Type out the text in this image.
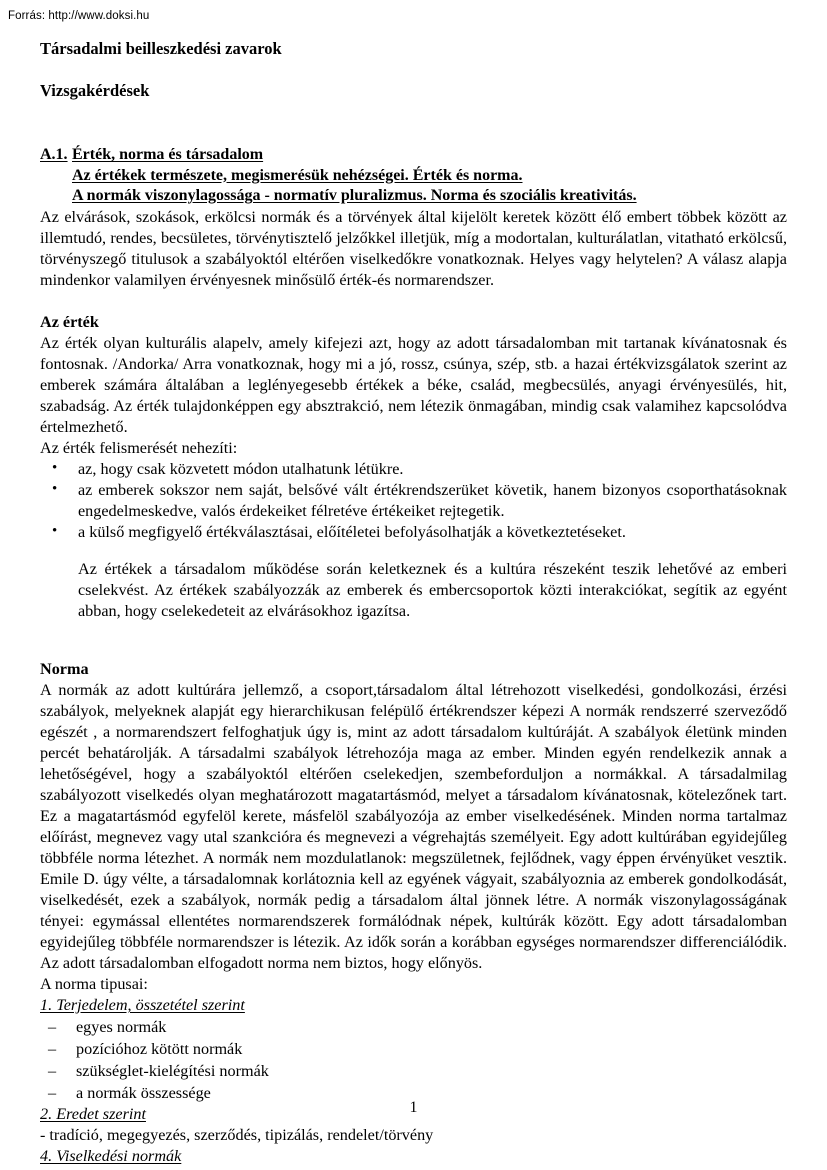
Forrás: http://www.doksi.hu
Társadalmi beilleszkedési zavarok
Vizsgakérdések
A.1.	Érték, norma és társadalom
	Az értékek természete, megismerésük nehézségei. Érték és norma.
	A normák viszonylagossága - normatív pluralizmus. Norma és szociális kreativitás.

Az elvárások, szokások, erkölcsi normák és a törvények által kijelölt keretek között élő embert többek között az illemtudó, rendes, becsületes, törvénytisztelő jelzőkkel illetjük, míg a modortalan, kulturálatlan, vitatható erkölcsű, törvényszegő titulusok a szabályoktól eltérően viselkedőkre vonatkoznak. Helyes vagy helytelen? A válasz alapja mindenkor valamilyen érvényesnek minősülő érték-és normarendszer.

Az érték

Az érték olyan kulturális alapelv, amely kifejezi azt, hogy az adott társadalomban mit tartanak kívánatosnak és fontosnak. /Andorka/ Arra vonatkoznak, hogy mi a jó, rossz, csúnya, szép, stb. a hazai értékvizsgálatok szerint az emberek számára általában a leglényegesebb értékek a béke, család, megbecsülés, anyagi érvényesülés, hit, szabadság. Az érték tulajdonképpen egy absztrakció, nem létezik önmagában, mindig csak valamihez kapcsolódva értelmezhető.

Az érték felismerését nehezíti:

• az, hogy csak közvetett módon utalhatunk létükre.
• az emberek sokszor nem saját, belsővé vált értékrendszerüket követik, hanem bizonyos csoporthatásoknak engedelmeskedve, valós érdekeiket félretéve értékeiket rejtegetik.
• a külső megfigyelő értékválasztásai, előítéletei befolyásolhatják a következtetéseket.

Az értékek a társadalom működése során keletkeznek és a kultúra részeként teszik lehetővé az emberi cselekvést. Az értékek szabályozzák az emberek és embercsoportok közti interakciókat, segítik az egyént abban, hogy cselekedeteit az elvárásokhoz igazítsa.

Norma

A normák az adott kultúrára jellemző, a csoport,társadalom által létrehozott viselkedési, gondolkozási, érzési szabályok, melyeknek alapját egy hierarchikusan felépülő értékrendszer képezi A normák rendszerré szerveződő egészét , a normarendszert felfoghatjuk úgy is, mint az adott társadalom kultúráját. A szabályok életünk minden percét behatárolják. A társadalmi szabályok létrehozója maga az ember. Minden egyén rendelkezik annak a lehetőségével, hogy a szabályoktól eltérően cselekedjen, szembeforduljon a normákkal. A társadalmilag szabályozott viselkedés olyan meghatározott magatartásmód, melyet a társadalom kívánatosnak, kötelezőnek tart. Ez a magatartásmód egyfelöl kerete, másfelöl szabályozója az ember viselkedésének. Minden norma tartalmaz előírást, megnevez vagy utal szankcióra és megnevezi a végrehajtás személyeit. Egy adott kultúrában egyidejűleg többféle norma létezhet. A normák nem mozdulatlanok: megszületnek, fejlődnek, vagy éppen érvényüket vesztik. Emile D. úgy vélte, a társadalomnak korlátoznia kell az egyének vágyait, szabályoznia az emberek gondolkodását, viselkedését, ezek a szabályok, normák pedig a társadalom által jönnek létre. A normák viszonylagosságának tényei: egymással ellentétes normarendszerek formálódnak népek, kultúrák között. Egy adott társadalomban egyidejűleg többféle normarendszer is létezik. Az idők során a korábban egységes normarendszer differenciálódik. Az adott társadalomban elfogadott norma nem biztos, hogy előnyös.

A norma tipusai:

1. Terjedelem, összetétel szerint

– egyes normák
– pozícióhoz kötött normák
– szükséglet-kielégítési normák
– a normák összessége

2. Eredet szerint

- tradíció, megegyezés, szerződés, tipizálás, rendelet/törvény

4. Viselkedési normák

1
